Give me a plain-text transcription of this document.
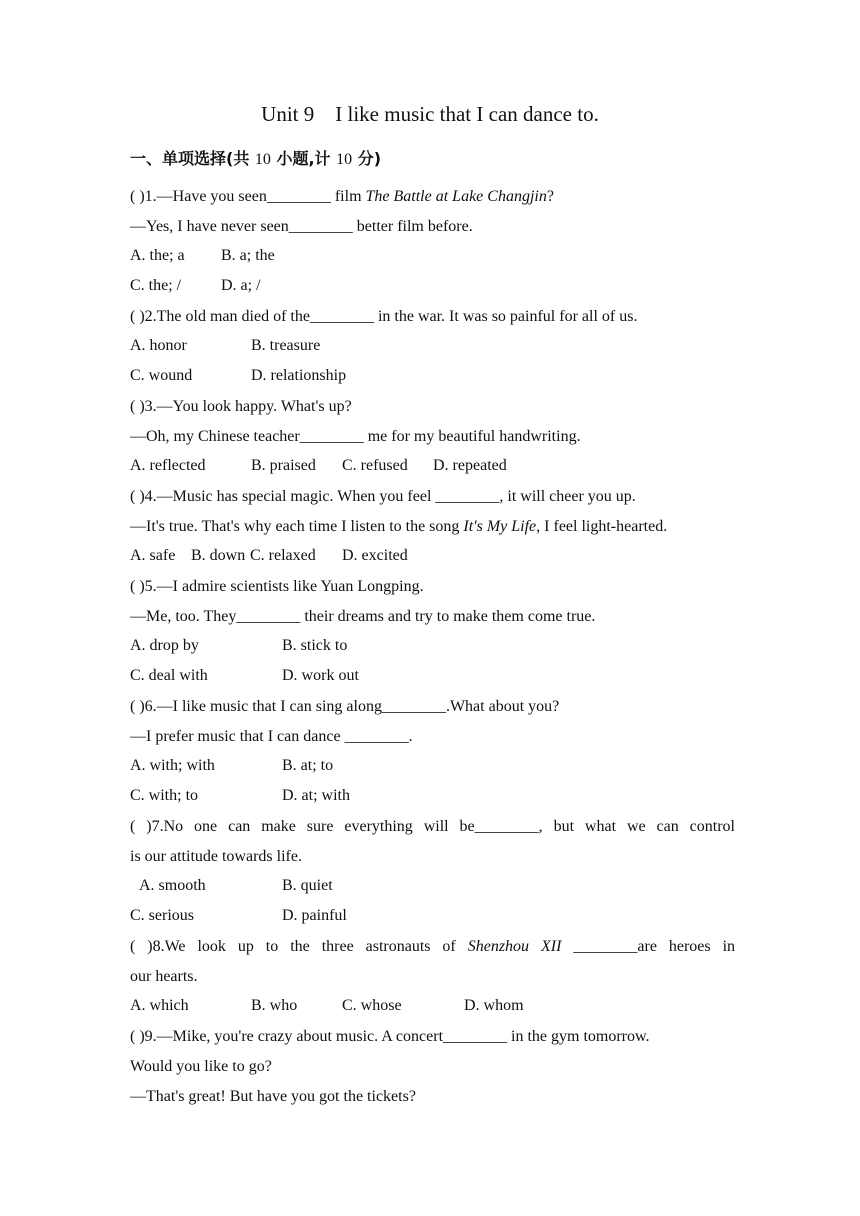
Unit 9    I like music that I can dance to.
一、单项选择(共 10 小题,计 10 分)
( )1.—Have you seen________ film The Battle at Lake Changjin?
—Yes, I have never seen________ better film before.
A. the; a B. a; the
C. the; / D. a; /
( )2.The old man died of the________ in the war. It was so painful for all of us.
A. honor	B. treasure
C. wound	D. relationship
( )3.—You look happy. What's up?
—Oh, my Chinese teacher________ me for my beautiful handwriting.
A. reflected	B. praised C. refused D. repeated
( )4.—Music has special magic. When you feel ________, it will cheer you up.
—It's true. That's why each time I listen to the song It's My Life, I feel light-hearted.
A. safe B. down C. relaxed D. excited
( )5.—I admire scientists like Yuan Longping.
—Me, too. They________ their dreams and try to make them come true.
A. drop by	B. stick to
C. deal with	D. work out
( )6.—I like music that I can sing along________.What about you?
—I prefer music that I can dance ________.
A. with; with	B. at; to
C. with; to	D. at; with
( )7.No one can make sure everything will be________, but what we can control
is our attitude towards life.
A. smooth	B. quiet
C. serious	D. painful
( )8.We look up to the three astronauts of Shenzhou XII ________are heroes in
our hearts.
A. which	B. who	C. whose	D. whom
( )9.—Mike, you're crazy about music. A concert________ in the gym tomorrow.
Would you like to go?
—That's great! But have you got the tickets?
